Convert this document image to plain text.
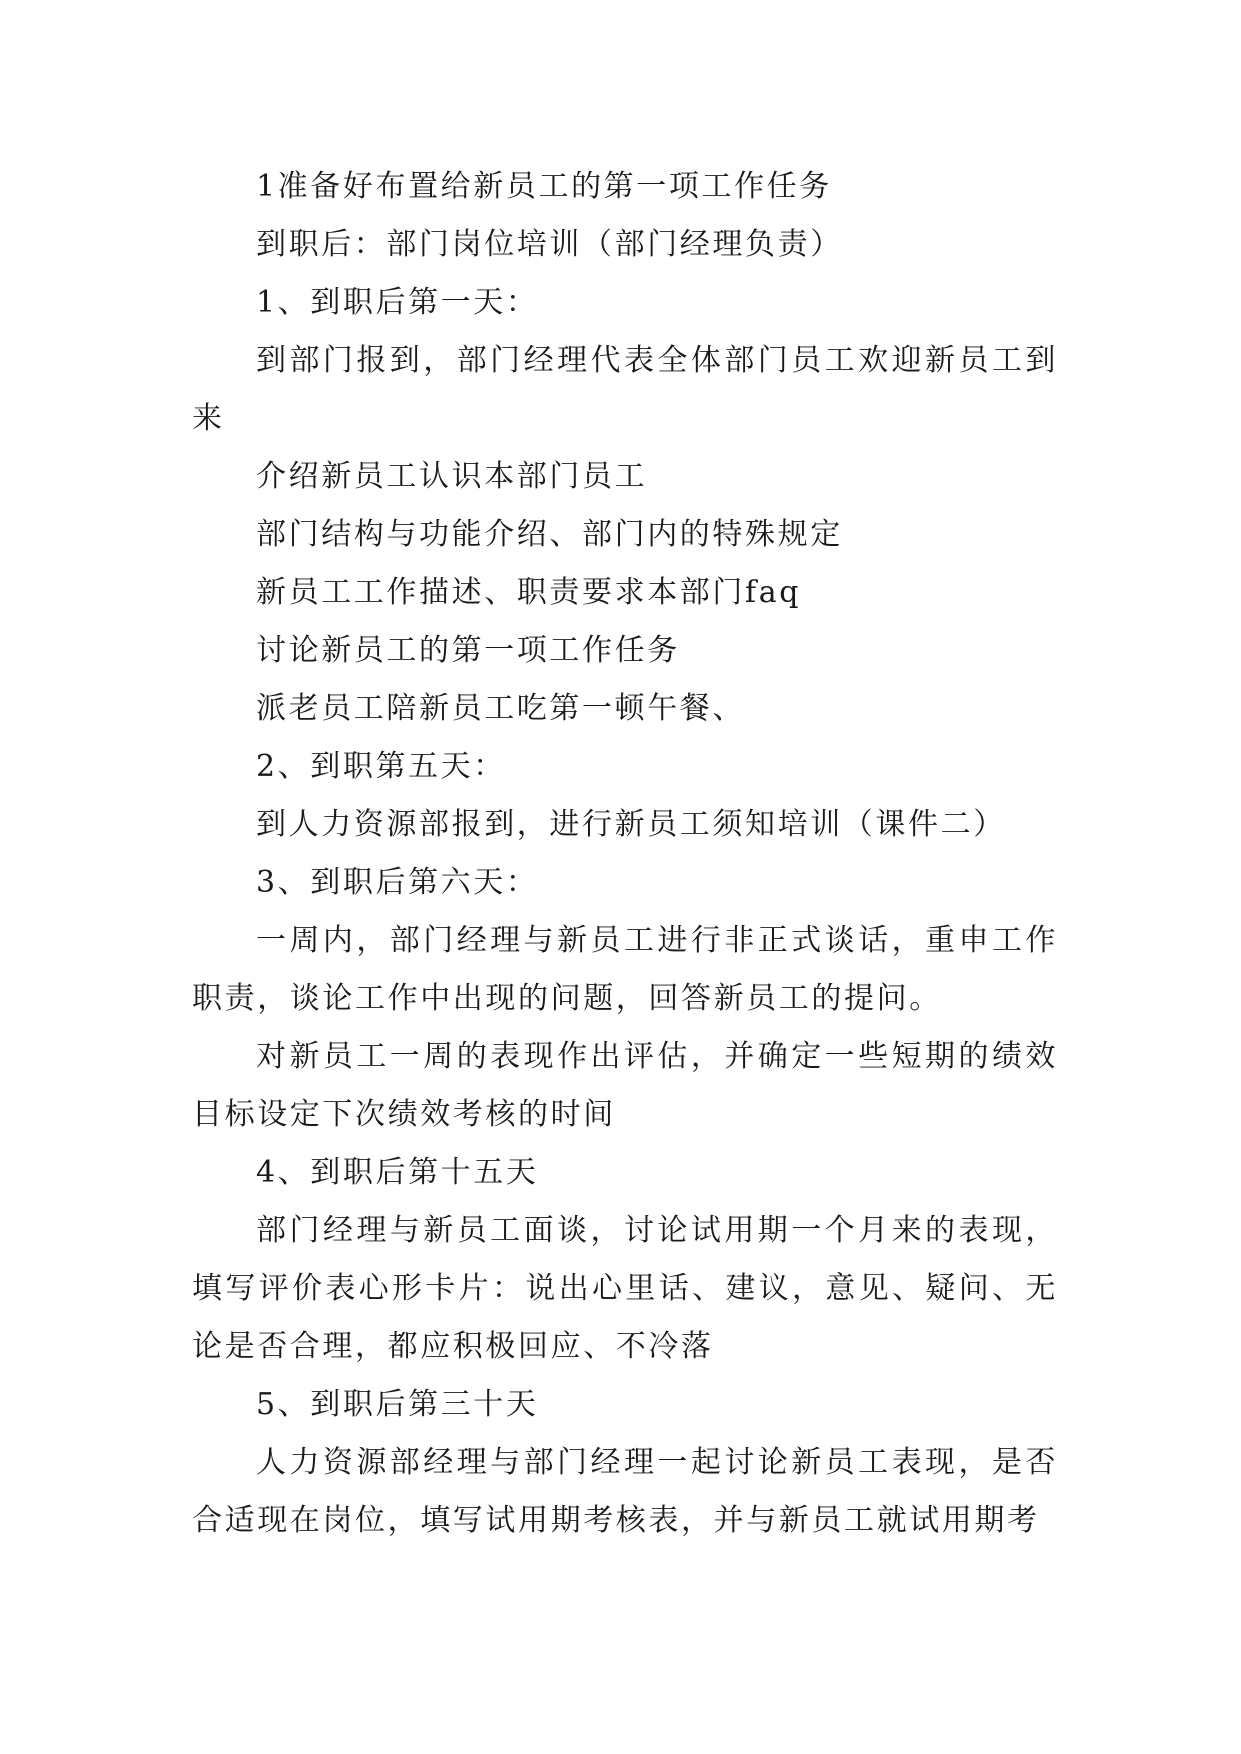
1准备好布置给新员工的第一项工作任务

到职后：部门岗位培训（部门经理负责）

1、到职后第一天：

到部门报到，部门经理代表全体部门员工欢迎新员工到来

介绍新员工认识本部门员工

部门结构与功能介绍、部门内的特殊规定

新员工工作描述、职责要求本部门faq

讨论新员工的第一项工作任务

派老员工陪新员工吃第一顿午餐、

2、到职第五天：

到人力资源部报到，进行新员工须知培训（课件二）

3、到职后第六天：

一周内，部门经理与新员工进行非正式谈话，重申工作职责，谈论工作中出现的问题，回答新员工的提问。

对新员工一周的表现作出评估，并确定一些短期的绩效目标设定下次绩效考核的时间

4、到职后第十五天

部门经理与新员工面谈，讨论试用期一个月来的表现，填写评价表心形卡片：说出心里话、建议，意见、疑问、无论是否合理，都应积极回应、不冷落

5、到职后第三十天

人力资源部经理与部门经理一起讨论新员工表现，是否合适现在岗位，填写试用期考核表，并与新员工就试用期考
